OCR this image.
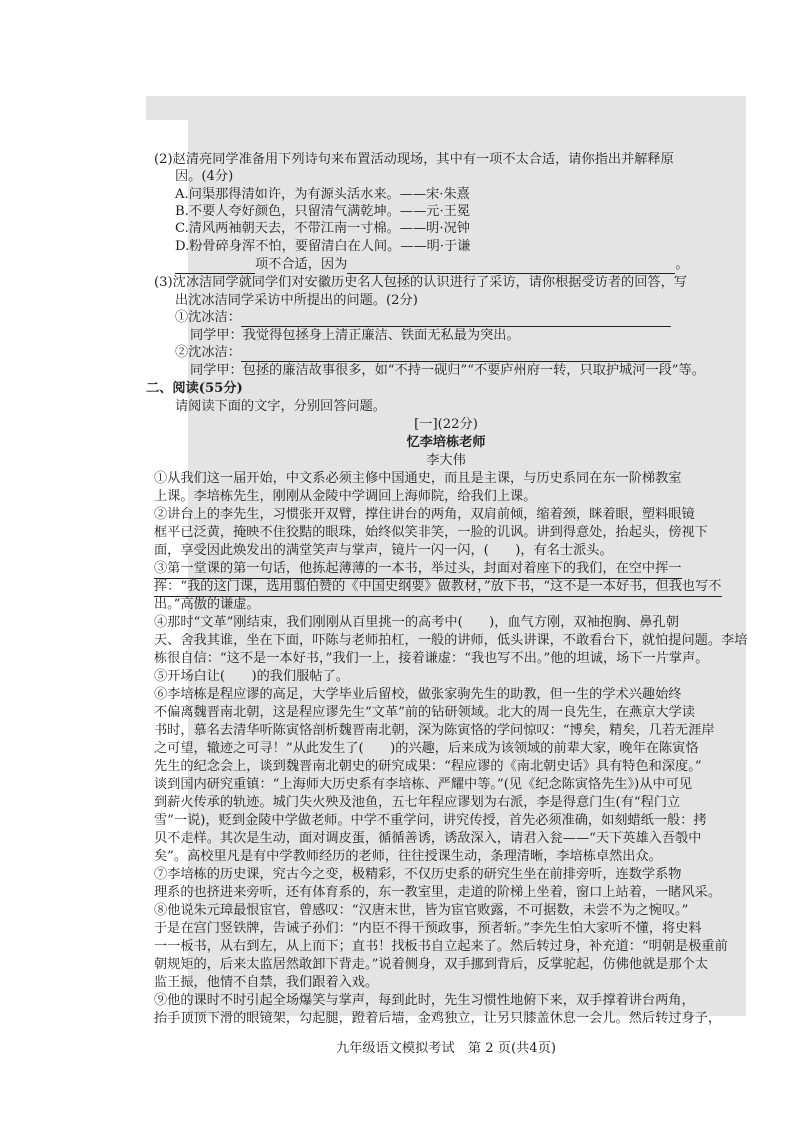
(2)赵清亮同学准备用下列诗句来布置活动现场，其中有一项不太合适，请你指出并解释原
因。(4分)
A.问渠那得清如许，为有源头活水来。——宋·朱熹
B.不要人夸好颜色，只留清气满乾坤。——元·王冕
C.清风两袖朝天去，不带江南一寸棉。——明·况钟
D.粉骨碎身浑不怕，要留清白在人间。——明·于谦
项不合适，因为	。
(3)沈冰洁同学就同学们对安徽历史名人包拯的认识进行了采访，请你根据受访者的回答，写
出沈冰洁同学采访中所提出的问题。(2分)
①沈冰洁：
同学甲：我觉得包拯身上清正廉洁、铁面无私最为突出。
②沈冰洁：
同学甲：包拯的廉洁故事很多，如“不持一砚归”“不要庐州府一转，只取护城河一段”等。
二、阅读(55分)
请阅读下面的文字，分别回答问题。
[一](22分)
忆李培栋老师
李大伟
①从我们这一届开始，中文系必须主修中国通史，而且是主课，与历史系同在东一阶梯教室
上课。李培栋先生，刚刚从金陵中学调回上海师院，给我们上课。
②讲台上的李先生，习惯张开双臂，撑住讲台的两角，双肩前倾，缩着颈，眯着眼，塑料眼镜
框平已泛黄，掩映不住狡黠的眼珠，始终似笑非笑，一脸的讥讽。讲到得意处，抬起头，傍视下
面，享受因此焕发出的满堂笑声与掌声，镜片一闪一闪，(　　)，有名士派头。
③第一堂课的第一句话，他拣起薄薄的一本书，举过头，封面对着座下的我们，在空中挥一
挥：“我的这门课，选用翦伯赞的《中国史纲要》做教材，”放下书，“这不是一本好书，但我也写不
出。”高傲的谦虚。
④那时“文革”刚结束，我们刚刚从百里挑一的高考中(　　)，血气方刚，双袖抱胸、鼻孔朝
天、舍我其谁，坐在下面，吓陈与老师拍杠，一般的讲师，低头讲课，不敢看台下，就怕提问题。李培
栋很自信：“这不是一本好书，”我们一上，接着谦虚：“我也写不出。”他的坦诚，场下一片掌声。
⑤开场白让(　　)的我们服帖了。
⑥李培栋是程应谬的高足，大学毕业后留校，做张家驹先生的助教，但一生的学术兴趣始终
不偏离魏晋南北朝，这是程应谬先生“文革”前的钻研领域。北大的周一良先生，在燕京大学读
书时，慕名去清华听陈寅恪剖析魏晋南北朝，深为陈寅恪的学问惊叹：“博矣，精矣，几若无涯岸
之可望，辙迹之可寻！”从此发生了(　　)的兴趣，后来成为该领域的前辈大家，晚年在陈寅恪
先生的纪念会上，谈到魏晋南北朝史的研究成果：“程应谬的《南北朝史话》具有特色和深度。”
谈到国内研究重镇：“上海师大历史系有李培栋、严耀中等。”(见《纪念陈寅恪先生》)从中可见
到薪火传承的轨迹。城门失火殃及池鱼，五七年程应谬划为右派，李是得意门生(有“程门立
雪”一说)，贬到金陵中学做老师。中学不重学问，讲究传授，首先必须准确，如刻蜡纸一般：拷
贝不走样。其次是生动，面对调皮蛋，循循善诱，诱敌深入，请君入瓮——“天下英雄入吾彀中
矣”。高校里凡是有中学教师经历的老师，往往授课生动，条理清晰，李培栋卓然出众。
⑦李培栋的历史课，究古今之变，极精彩，不仅历史系的研究生坐在前排旁听，连数学系物
理系的也挤进来旁听，还有体育系的，东一教室里，走道的阶梯上坐着，窗口上站着，一睹风采。
⑧他说朱元璋最恨宦官，曾感叹：“汉唐末世，皆为宦官败露，不可据数，未尝不为之惋叹。”
于是在宫门竖铁牌，告诫子孙们：“内臣不得干预政事，预者斩。”李先生怕大家听不懂，将史料
一一板书，从右到左，从上而下；直书！找板书自立起来了。然后转过身，补充道：“明朝是极重前
朝规矩的，后来太监居然敢卸下背走。”说着侧身，双手挪到背后，反掌驼起，仿佛他就是那个太
监王振，他情不自禁，我们跟着入戏。
⑨他的课时不时引起全场爆笑与掌声，每到此时，先生习惯性地俯下来，双手撑着讲台两角，
抬手顶顶下滑的眼镜架，勾起腿，蹬着后墙，金鸡独立，让另只膝盖休息一会儿。然后转过身子，
九年级语文模拟考试　第 2 页(共4页)
